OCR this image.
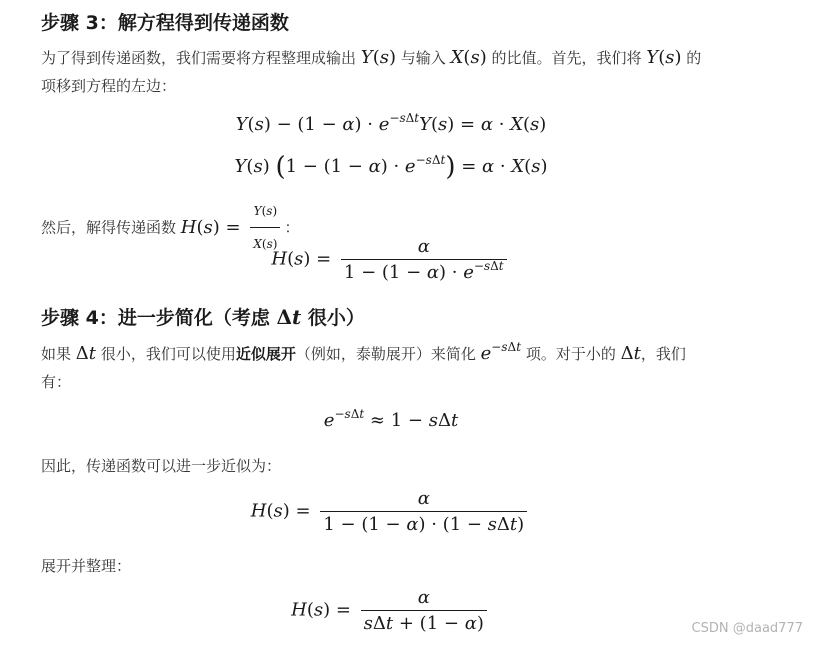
步骤 3：解方程得到传递函数

为了得到传递函数，我们需要将方程整理成输出 Y(s) 与输入 X(s) 的比值。首先，我们将 Y(s) 的
项移到方程的左边：

$Y(s) - (1 - \alpha) \cdot e^{-s\Delta t}Y(s) = \alpha \cdot X(s)$
Y(s) $(1 - (1 - \alpha) \cdot e^{-s\Delta t}) = \alpha \cdot X(s)$

然后，解得传递函数 $H(s) = \frac{Y(s)}{X(s)}$ ：

$H(s) = \frac{\alpha}{1 - (1 - \alpha) \cdot e^{-s\Delta t}}$
步骤 4：进一步简化（考虑 Δt 很小）

如果 Δt 很小，我们可以使用近似展开（例如，泰勒展开）来简化 $e^{-s\Delta t}$ 项。对于小的 Δt，我们
有：

$e^{-s\Delta t} \approx 1 - s\Delta t$

因此，传递函数可以进一步近似为：

$H(s) = \frac{\alpha}{\text{1 − (1 − α) · (1 − sΔt)}}$

展开并整理：

$H(s) = \frac{\alpha}{\text{sΔt + (1 − α)}}$	CSDN @daad777
